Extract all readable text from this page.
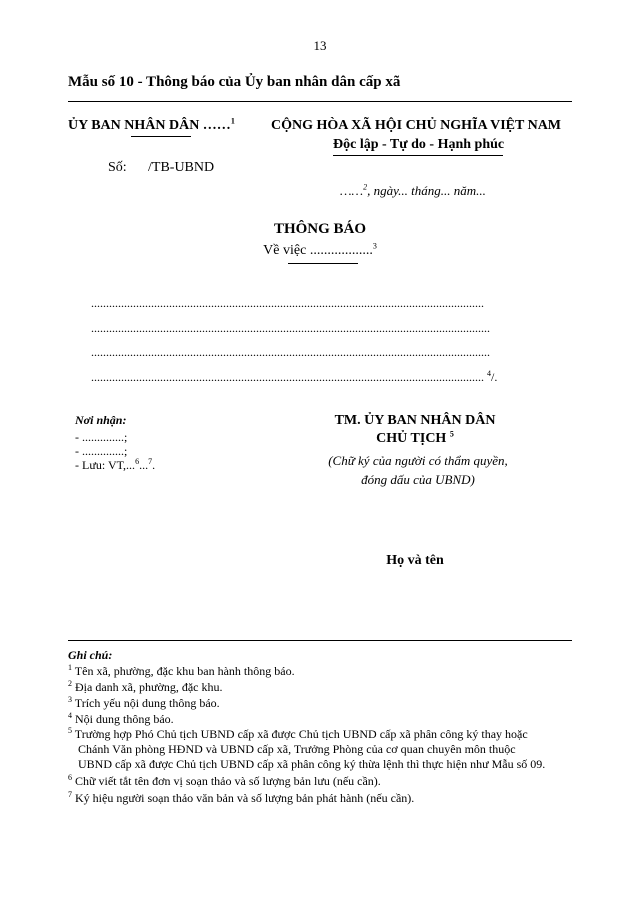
13
Mẫu số 10 - Thông báo của Ủy ban nhân dân cấp xã
ỦY BAN NHÂN DÂN ……$^1$	CỘNG HÒA XÃ HỘI CHỦ NGHĨA VIỆT NAM
Độc lập - Tự do - Hạnh phúc
Số: /TB-UBND
……$^2$, ngày... tháng... năm...
THÔNG BÁO
Về việc ..................$^3$
...................................................................................................................................
.....................................................................................................................................
.....................................................................................................................................
................................................................................................................................... $^4$/.
Nơi nhận:
- ..............;
- ..............;
- Lưu: VT,...$^6$...$^7$.
TM. ỦY BAN NHÂN DÂN
CHỦ TỊCH $^5$
(Chữ ký của người có thẩm quyền,
đóng dấu của UBND)
Họ và tên
Ghi chú:
$^1$ Tên xã, phường, đặc khu ban hành thông báo.
$^2$ Địa danh xã, phường, đặc khu.
$^3$ Trích yếu nội dung thông báo.
$^4$ Nội dung thông báo.
$^5$ Trường hợp Phó Chủ tịch UBND cấp xã được Chủ tịch UBND cấp xã phân công ký thay hoặc
Chánh Văn phòng HĐND và UBND cấp xã, Trưởng Phòng của cơ quan chuyên môn thuộc
UBND cấp xã được Chủ tịch UBND cấp xã phân công ký thừa lệnh thì thực hiện như Mẫu số 09.
$^6$ Chữ viết tắt tên đơn vị soạn thảo và số lượng bản lưu (nếu cần).
$^7$ Ký hiệu người soạn thảo văn bản và số lượng bản phát hành (nếu cần).
